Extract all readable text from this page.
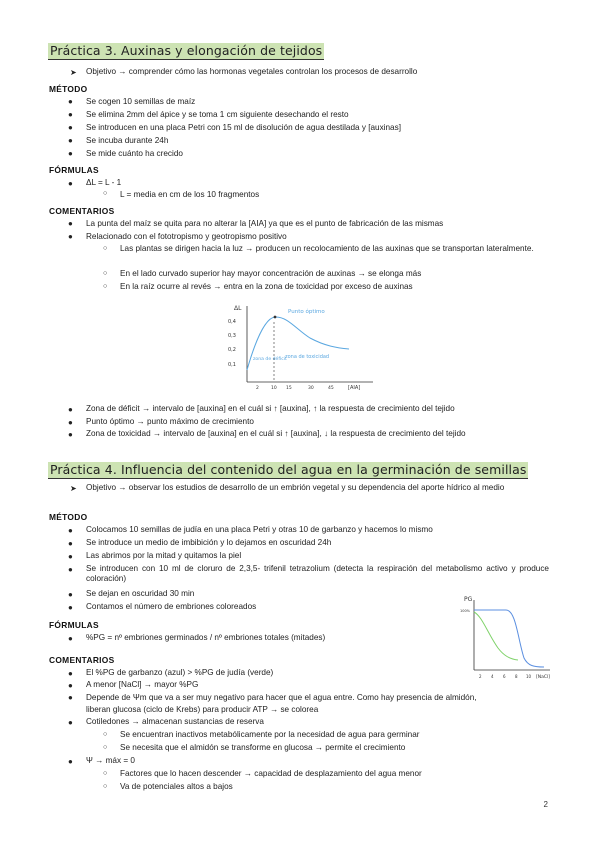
Práctica 3. Auxinas y elongación de tejidos
➤ Objetivo → comprender cómo las hormonas vegetales controlan los procesos de desarrollo
MÉTODO
● Se cogen 10 semillas de maíz
● Se elimina 2mm del ápice y se toma 1 cm siguiente desechando el resto
● Se introducen en una placa Petri con 15 ml de disolución de agua destilada y [auxinas]
● Se incuba durante 24h
● Se mide cuánto ha crecido
FÓRMULAS
● ΔL = L - 1
○ L = media en cm de los 10 fragmentos
COMENTARIOS
● La punta del maíz se quita para no alterar la [AIA] ya que es el punto de fabricación de las mismas
● Relacionado con el fototropismo y geotropismo positivo
○ Las plantas se dirigen hacia la luz → producen un recolocamiento de las auxinas que se transportan lateralmente.
○ En el lado curvado superior hay mayor concentración de auxinas → se elonga más
○ En la raíz ocurre al revés → entra en la zona de toxicidad por exceso de auxinas
ΔL
0,4
0,3
0,2
0,1
Punto óptimo
zona de déficit
zona de toxicidad
2	10 15	30	45	[AIA]
● Zona de déficit → intervalo de [auxina] en el cuál si ↑ [auxina], ↑ la respuesta de crecimiento del tejido
● Punto óptimo → punto máximo de crecimiento
● Zona de toxicidad → intervalo de [auxina] en el cuál si ↑ [auxina], ↓ la respuesta de crecimiento del tejido
Práctica 4. Influencia del contenido del agua en la germinación de semillas
➤ Objetivo → observar los estudios de desarrollo de un embrión vegetal y su dependencia del aporte hídrico al medio
MÉTODO
● Colocamos 10 semillas de judía en una placa Petri y otras 10 de garbanzo y hacemos lo mismo
● Se introduce un medio de imbibición y lo dejamos en oscuridad 24h
● Las abrimos por la mitad y quitamos la piel
● Se introducen con 10 ml de cloruro de 2,3,5- trifenil tetrazolium (detecta la respiración del metabolismo activo y produce coloración)
● Se dejan en oscuridad 30 min
● Contamos el número de embriones coloreados
PG
100%
2 4 6 8 10 [NaCl]
FÓRMULAS
● %PG = nº embriones germinados / nº embriones totales (mitades)
COMENTARIOS
● El %PG de garbanzo (azul) > %PG de judía (verde)
● A menor [NaCl] → mayor %PG
● Depende de Ψm que va a ser muy negativo para hacer que el agua entre. Como hay presencia de almidón, liberan glucosa (ciclo de Krebs) para producir ATP → se colorea
● Cotiledones → almacenan sustancias de reserva
○ Se encuentran inactivos metabólicamente por la necesidad de agua para germinar
○ Se necesita que el almidón se transforme en glucosa → permite el crecimiento
● Ψ → máx = 0
○ Factores que lo hacen descender → capacidad de desplazamiento del agua menor
○ Va de potenciales altos a bajos
2
